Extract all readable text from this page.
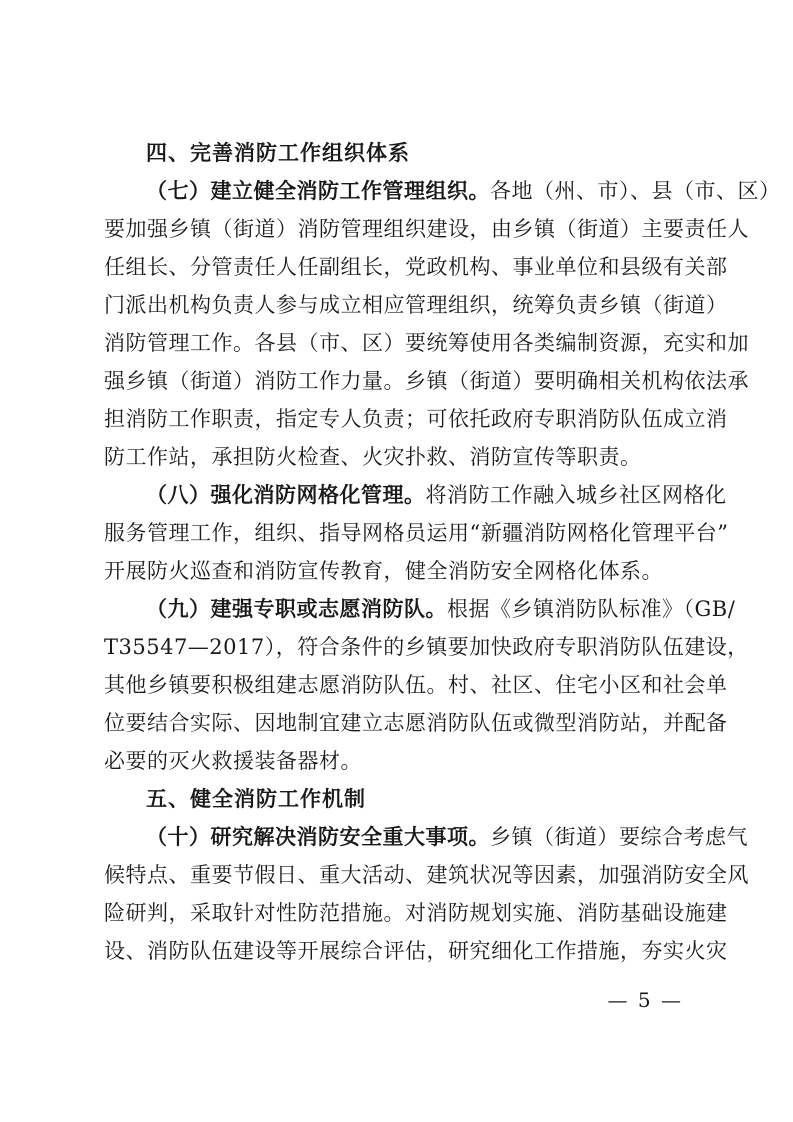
四、完善消防工作组织体系
（七）建立健全消防工作管理组织。各地（州、市）、县（市、区）
要加强乡镇（街道）消防管理组织建设，由乡镇（街道）主要责任人
任组长、分管责任人任副组长，党政机构、事业单位和县级有关部
门派出机构负责人参与成立相应管理组织，统筹负责乡镇（街道）
消防管理工作。各县（市、区）要统筹使用各类编制资源，充实和加
强乡镇（街道）消防工作力量。乡镇（街道）要明确相关机构依法承
担消防工作职责，指定专人负责；可依托政府专职消防队伍成立消
防工作站，承担防火检查、火灾扑救、消防宣传等职责。
（八）强化消防网格化管理。将消防工作融入城乡社区网格化
服务管理工作，组织、指导网格员运用“新疆消防网格化管理平台”
开展防火巡查和消防宣传教育，健全消防安全网格化体系。
（九）建强专职或志愿消防队。根据《乡镇消防队标准》（GB/
T35547—2017），符合条件的乡镇要加快政府专职消防队伍建设，
其他乡镇要积极组建志愿消防队伍。村、社区、住宅小区和社会单
位要结合实际、因地制宜建立志愿消防队伍或微型消防站，并配备
必要的灭火救援装备器材。
五、健全消防工作机制
（十）研究解决消防安全重大事项。乡镇（街道）要综合考虑气
候特点、重要节假日、重大活动、建筑状况等因素，加强消防安全风
险研判，采取针对性防范措施。对消防规划实施、消防基础设施建
设、消防队伍建设等开展综合评估，研究细化工作措施，夯实火灾
— 5 —
